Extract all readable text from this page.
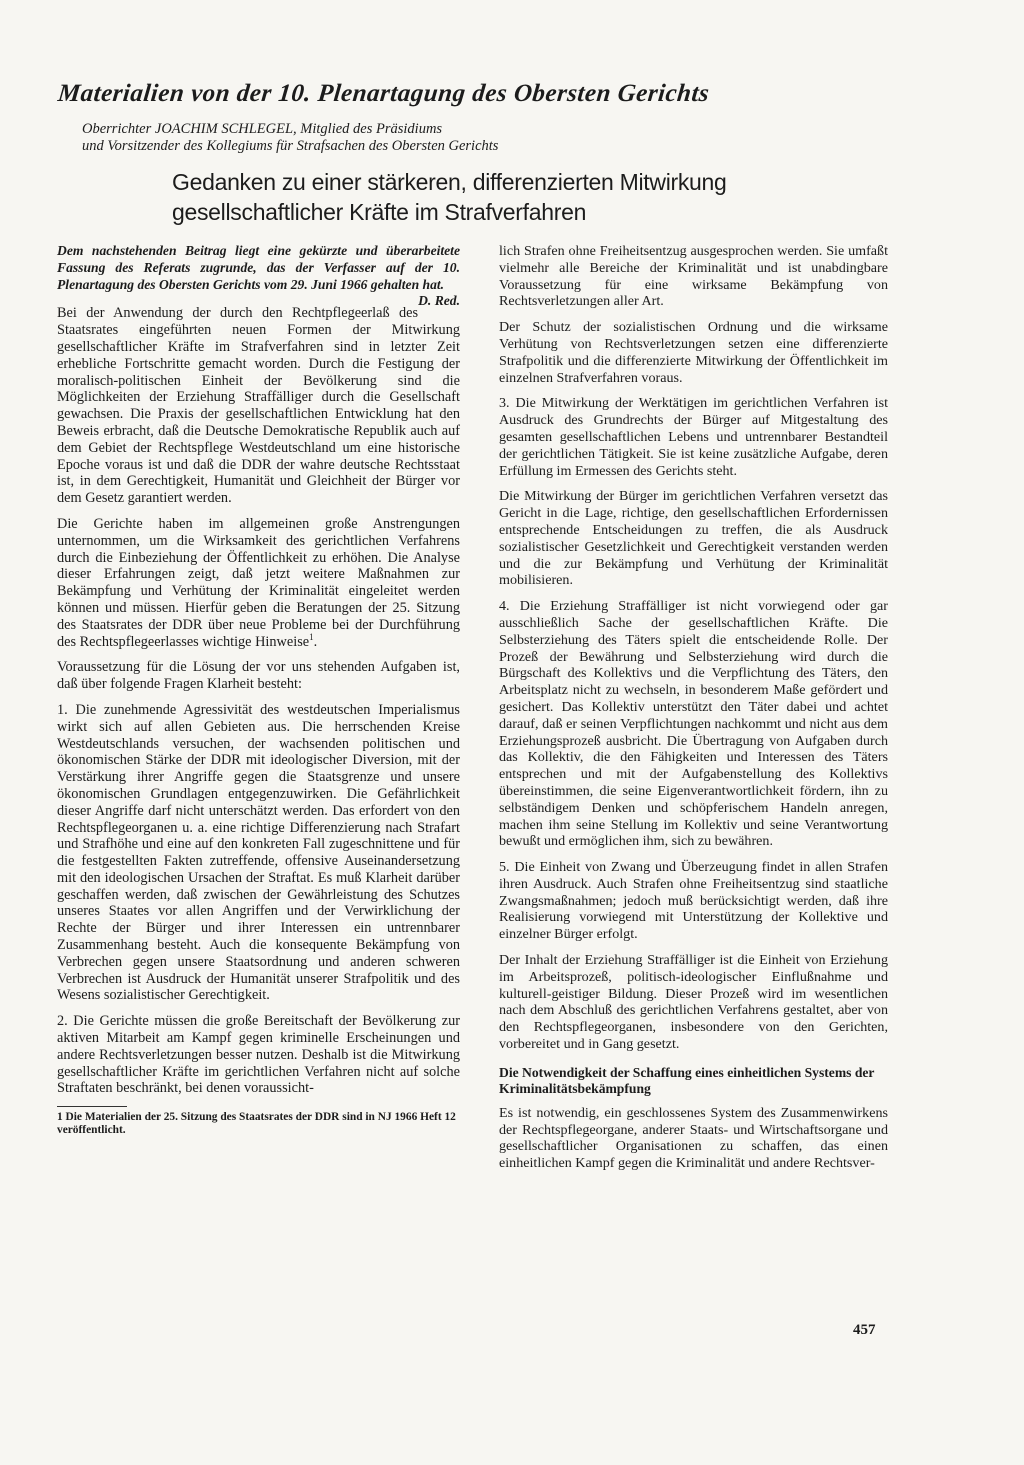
Materialien von der 10. Plenartagung des Obersten Gerichts
Oberrichter JOACHIM SCHLEGEL, Mitglied des Präsidiums
und Vorsitzender des Kollegiums für Strafsachen des Obersten Gerichts
Gedanken zu einer stärkeren, differenzierten Mitwirkung
gesellschaftlicher Kräfte im Strafverfahren

Dem nachstehenden Beitrag liegt eine gekürzte und überarbeitete Fassung des Referats zugrunde, das der Verfasser auf der 10. Plenartagung des Obersten Gerichts vom 29. Juni 1966 gehalten hat.
D. Red.

Bei der Anwendung der durch den Rechtpflegeerlaß des Staatsrates eingeführten neuen Formen der Mitwirkung gesellschaftlicher Kräfte im Strafverfahren sind in letzter Zeit erhebliche Fortschritte gemacht worden. Durch die Festigung der moralisch-politischen Einheit der Bevölkerung sind die Möglichkeiten der Erziehung Straffälliger durch die Gesellschaft gewachsen. Die Praxis der gesellschaftlichen Entwicklung hat den Beweis erbracht, daß die Deutsche Demokratische Republik auch auf dem Gebiet der Rechtspflege Westdeutschland um eine historische Epoche voraus ist und daß die DDR der wahre deutsche Rechtsstaat ist, in dem Gerechtigkeit, Humanität und Gleichheit der Bürger vor dem Gesetz garantiert werden.

Die Gerichte haben im allgemeinen große Anstrengungen unternommen, um die Wirksamkeit des gerichtlichen Verfahrens durch die Einbeziehung der Öffentlichkeit zu erhöhen. Die Analyse dieser Erfahrungen zeigt, daß jetzt weitere Maßnahmen zur Bekämpfung und Verhütung der Kriminalität eingeleitet werden können und müssen. Hierfür geben die Beratungen der 25. Sitzung des Staatsrates der DDR über neue Probleme bei der Durchführung des Rechtspflegeerlasses wichtige Hinweise$^1$.

Voraussetzung für die Lösung der vor uns stehenden Aufgaben ist, daß über folgende Fragen Klarheit besteht:

1. Die zunehmende Agressivität des westdeutschen Imperialismus wirkt sich auf allen Gebieten aus. Die herrschenden Kreise Westdeutschlands versuchen, der wachsenden politischen und ökonomischen Stärke der DDR mit ideologischer Diversion, mit der Verstärkung ihrer Angriffe gegen die Staatsgrenze und unsere ökonomischen Grundlagen entgegenzuwirken. Die Gefährlichkeit dieser Angriffe darf nicht unterschätzt werden. Das erfordert von den Rechtspflegeorganen u. a. eine richtige Differenzierung nach Strafart und Strafhöhe und eine auf den konkreten Fall zugeschnittene und für die festgestellten Fakten zutreffende, offensive Auseinandersetzung mit den ideologischen Ursachen der Straftat. Es muß Klarheit darüber geschaffen werden, daß zwischen der Gewährleistung des Schutzes unseres Staates vor allen Angriffen und der Verwirklichung der Rechte der Bürger und ihrer Interessen ein untrennbarer Zusammenhang besteht. Auch die konsequente Bekämpfung von Verbrechen gegen unsere Staatsordnung und anderen schweren Verbrechen ist Ausdruck der Humanität unserer Strafpolitik und des Wesens sozialistischer Gerechtigkeit.

2. Die Gerichte müssen die große Bereitschaft der Bevölkerung zur aktiven Mitarbeit am Kampf gegen kriminelle Erscheinungen und andere Rechtsverletzungen besser nutzen. Deshalb ist die Mitwirkung gesellschaftlicher Kräfte im gerichtlichen Verfahren nicht auf solche Straftaten beschränkt, bei denen voraussicht-

1 Die Materialien der 25. Sitzung des Staatsrates der DDR sind in NJ 1966 Heft 12 veröffentlicht.

lich Strafen ohne Freiheitsentzug ausgesprochen werden. Sie umfaßt vielmehr alle Bereiche der Kriminalität und ist unabdingbare Voraussetzung für eine wirksame Bekämpfung von Rechtsverletzungen aller Art.

Der Schutz der sozialistischen Ordnung und die wirksame Verhütung von Rechtsverletzungen setzen eine differenzierte Strafpolitik und die differenzierte Mitwirkung der Öffentlichkeit im einzelnen Strafverfahren voraus.

3. Die Mitwirkung der Werktätigen im gerichtlichen Verfahren ist Ausdruck des Grundrechts der Bürger auf Mitgestaltung des gesamten gesellschaftlichen Lebens und untrennbarer Bestandteil der gerichtlichen Tätigkeit. Sie ist keine zusätzliche Aufgabe, deren Erfüllung im Ermessen des Gerichts steht.

Die Mitwirkung der Bürger im gerichtlichen Verfahren versetzt das Gericht in die Lage, richtige, den gesellschaftlichen Erfordernissen entsprechende Entscheidungen zu treffen, die als Ausdruck sozialistischer Gesetzlichkeit und Gerechtigkeit verstanden werden und die zur Bekämpfung und Verhütung der Kriminalität mobilisieren.

4. Die Erziehung Straffälliger ist nicht vorwiegend oder gar ausschließlich Sache der gesellschaftlichen Kräfte. Die Selbsterziehung des Täters spielt die entscheidende Rolle. Der Prozeß der Bewährung und Selbsterziehung wird durch die Bürgschaft des Kollektivs und die Verpflichtung des Täters, den Arbeitsplatz nicht zu wechseln, in besonderem Maße gefördert und gesichert. Das Kollektiv unterstützt den Täter dabei und achtet darauf, daß er seinen Verpflichtungen nachkommt und nicht aus dem Erziehungsprozeß ausbricht. Die Übertragung von Aufgaben durch das Kollektiv, die den Fähigkeiten und Interessen des Täters entsprechen und mit der Aufgabenstellung des Kollektivs übereinstimmen, die seine Eigenverantwortlichkeit fördern, ihn zu selbständigem Denken und schöpferischem Handeln anregen, machen ihm seine Stellung im Kollektiv und seine Verantwortung bewußt und ermöglichen ihm, sich zu bewähren.

5. Die Einheit von Zwang und Überzeugung findet in allen Strafen ihren Ausdruck. Auch Strafen ohne Freiheitsentzug sind staatliche Zwangsmaßnahmen; jedoch muß berücksichtigt werden, daß ihre Realisierung vorwiegend mit Unterstützung der Kollektive und einzelner Bürger erfolgt.

Der Inhalt der Erziehung Straffälliger ist die Einheit von Erziehung im Arbeitsprozeß, politisch-ideologischer Einflußnahme und kulturell-geistiger Bildung. Dieser Prozeß wird im wesentlichen nach dem Abschluß des gerichtlichen Verfahrens gestaltet, aber von den Rechtspflegeorganen, insbesondere von den Gerichten, vorbereitet und in Gang gesetzt.

Die Notwendigkeit der Schaffung eines einheitlichen Systems der Kriminalitätsbekämpfung

Es ist notwendig, ein geschlossenes System des Zusammenwirkens der Rechtspflegeorgane, anderer Staats- und Wirtschaftsorgane und gesellschaftlicher Organisationen zu schaffen, das einen einheitlichen Kampf gegen die Kriminalität und andere Rechtsver-

457
